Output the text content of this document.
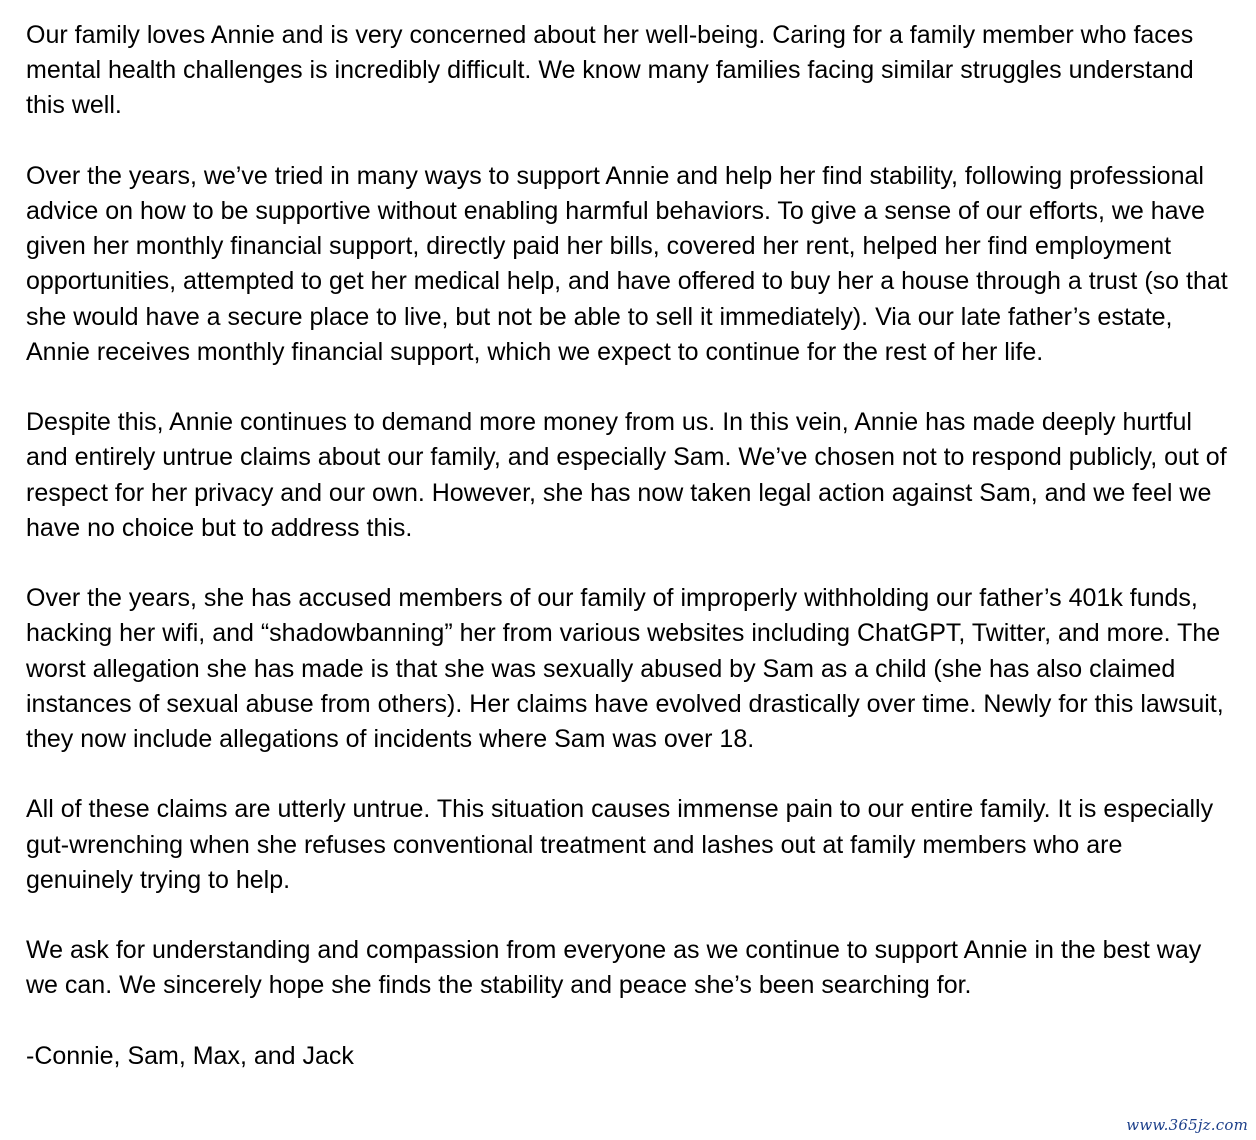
Our family loves Annie and is very concerned about her well-being. Caring for a family member who faces mental health challenges is incredibly difficult. We know many families facing similar struggles understand this well.

Over the years, we’ve tried in many ways to support Annie and help her find stability, following professional advice on how to be supportive without enabling harmful behaviors. To give a sense of our efforts, we have given her monthly financial support, directly paid her bills, covered her rent, helped her find employment opportunities, attempted to get her medical help, and have offered to buy her a house through a trust (so that she would have a secure place to live, but not be able to sell it immediately). Via our late father’s estate, Annie receives monthly financial support, which we expect to continue for the rest of her life.

Despite this, Annie continues to demand more money from us. In this vein, Annie has made deeply hurtful and entirely untrue claims about our family, and especially Sam. We’ve chosen not to respond publicly, out of respect for her privacy and our own. However, she has now taken legal action against Sam, and we feel we have no choice but to address this.

Over the years, she has accused members of our family of improperly withholding our father’s 401k funds, hacking her wifi, and “shadowbanning” her from various websites including ChatGPT, Twitter, and more. The worst allegation she has made is that she was sexually abused by Sam as a child (she has also claimed instances of sexual abuse from others). Her claims have evolved drastically over time. Newly for this lawsuit, they now include allegations of incidents where Sam was over 18.

All of these claims are utterly untrue. This situation causes immense pain to our entire family. It is especially gut-wrenching when she refuses conventional treatment and lashes out at family members who are genuinely trying to help.

We ask for understanding and compassion from everyone as we continue to support Annie in the best way we can. We sincerely hope she finds the stability and peace she’s been searching for.

-Connie, Sam, Max, and Jack

www.365jz.com
